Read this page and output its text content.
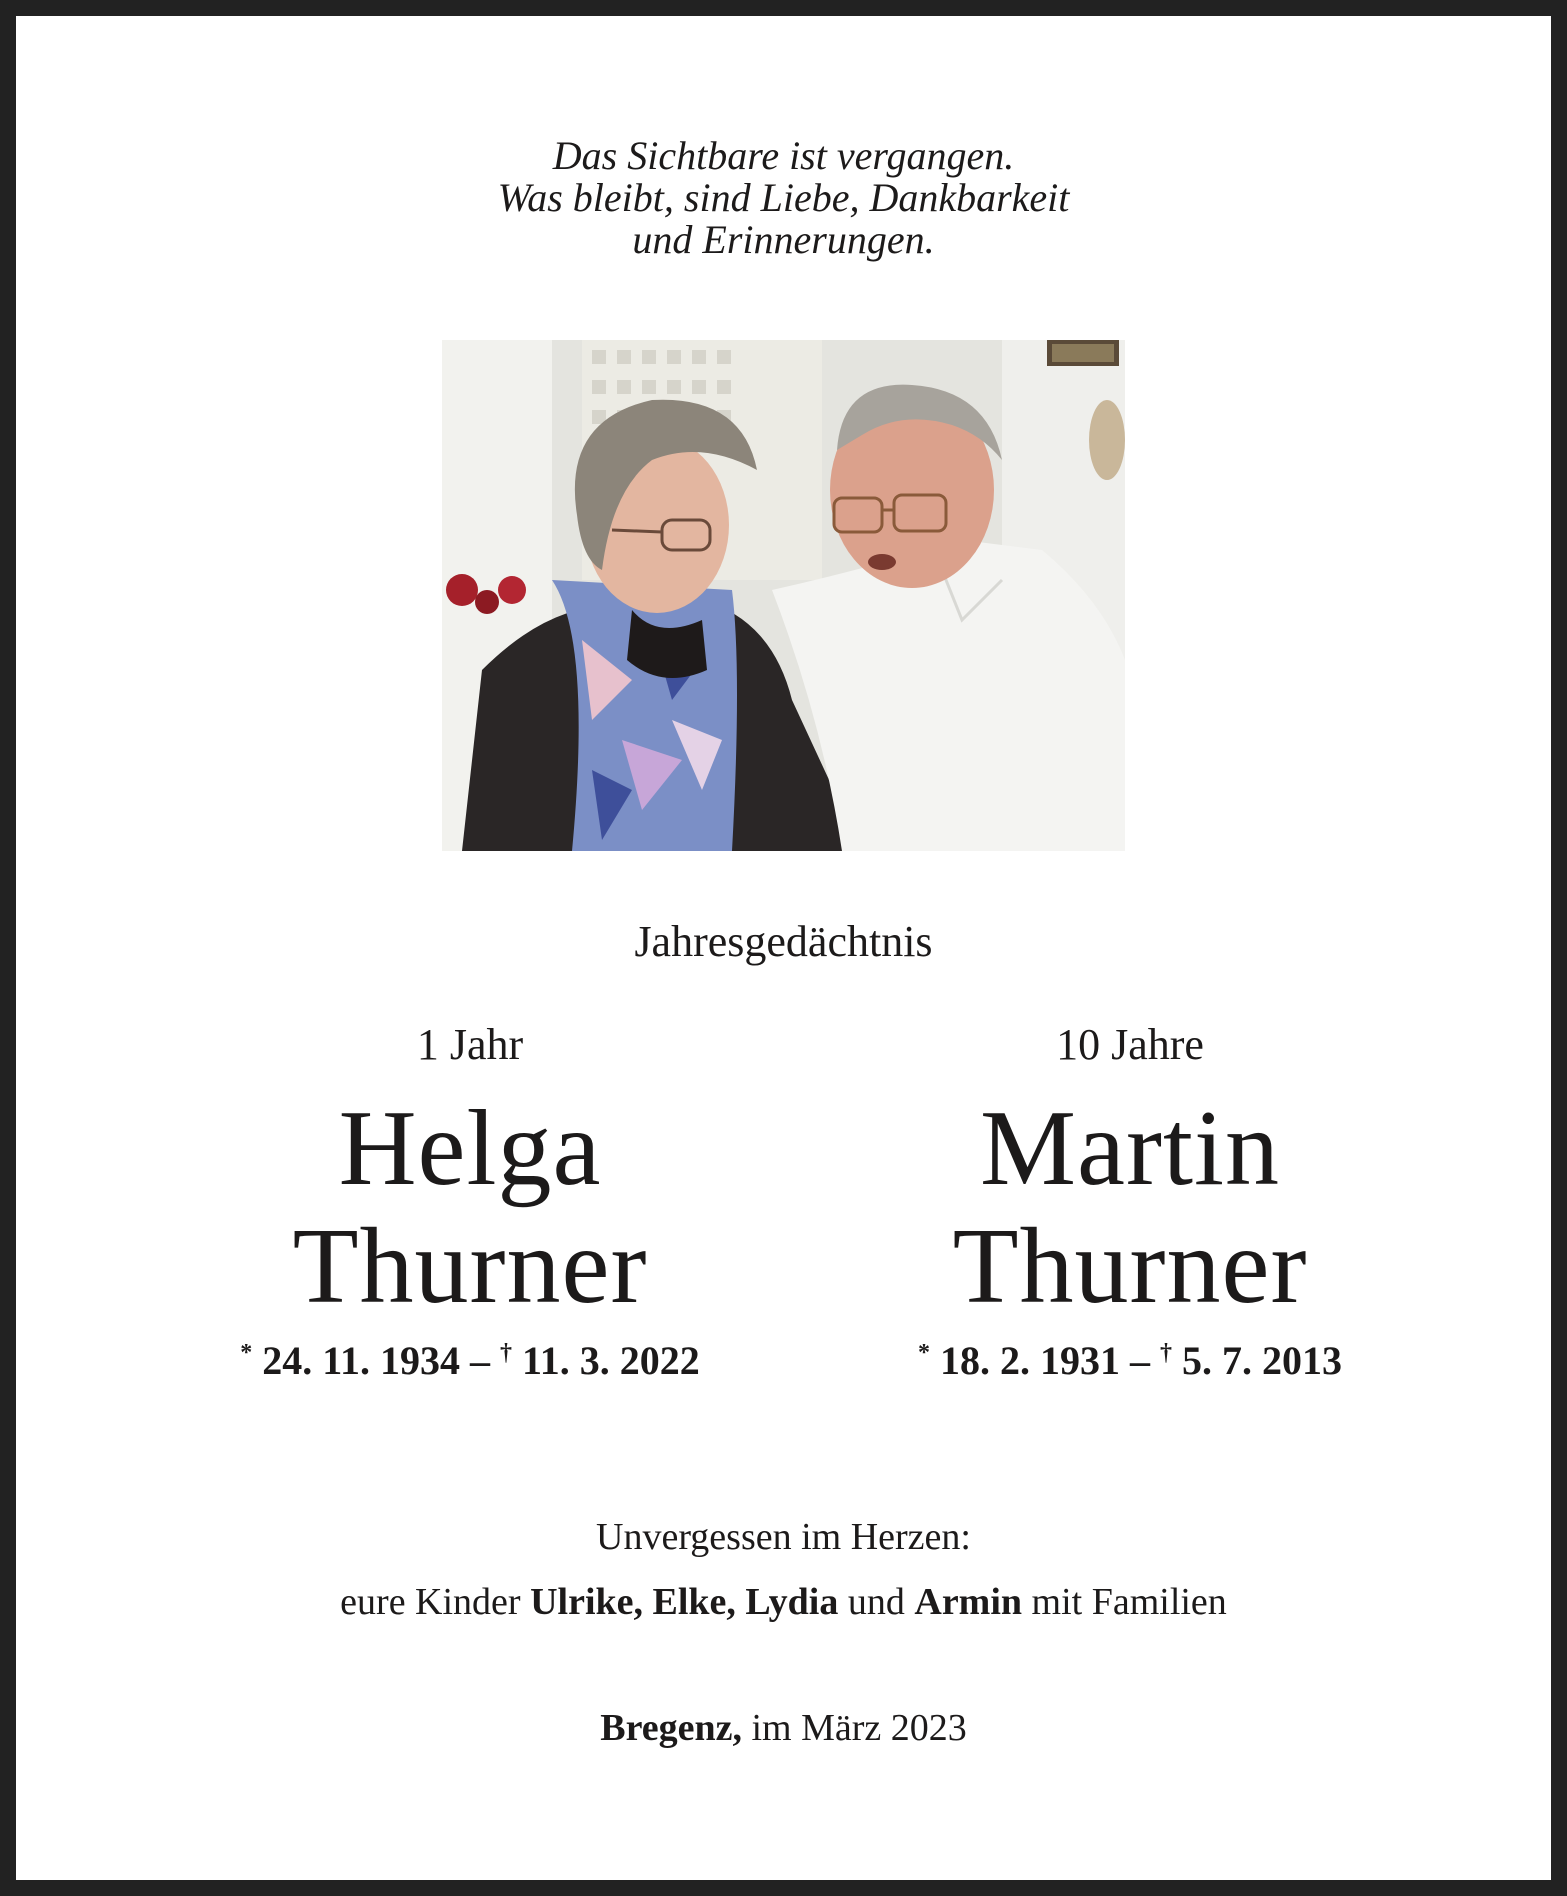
Das Sichtbare ist vergangen.
Was bleibt, sind Liebe, Dankbarkeit
und Erinnerungen.
Jahresgedächtnis
1 Jahr
Helga
Thurner
* 24. 11. 1934 – † 11. 3. 2022
10 Jahre
Martin
Thurner
* 18. 2. 1931 – † 5. 7. 2013
Unvergessen im Herzen:
eure Kinder Ulrike, Elke, Lydia und Armin mit Familien
Bregenz, im März 2023
